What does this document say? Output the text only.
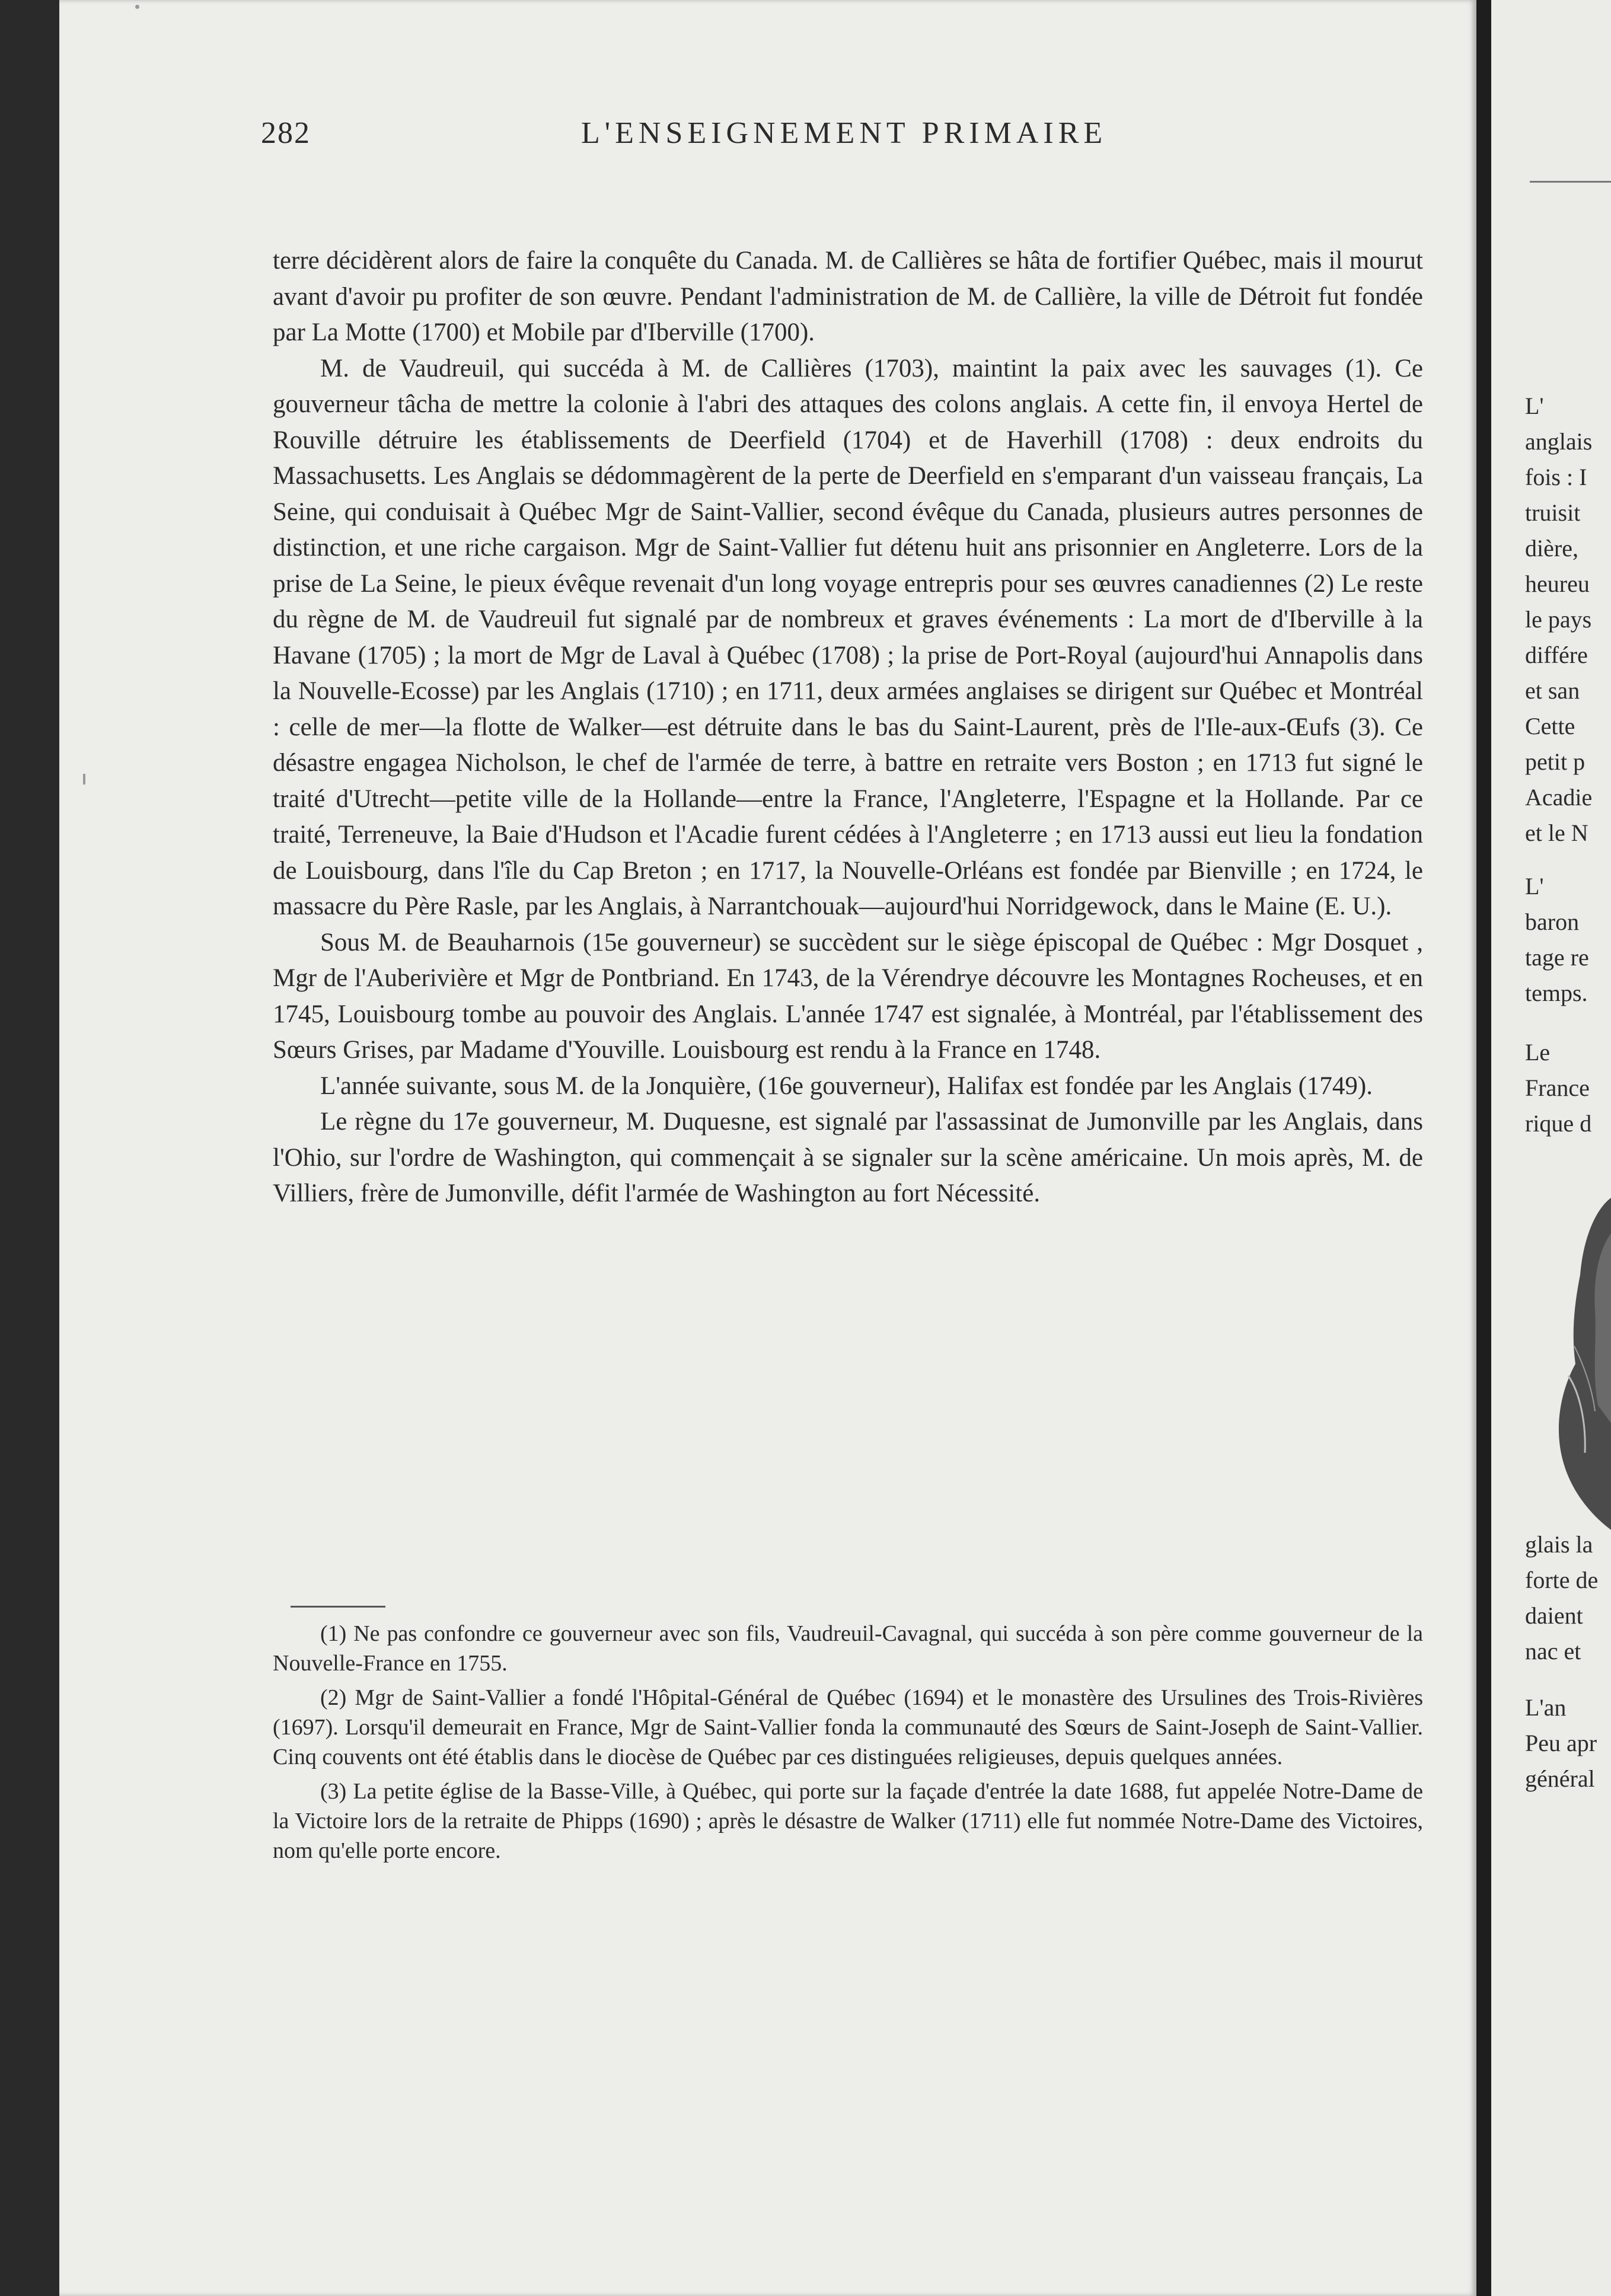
282	L'ENSEIGNEMENT PRIMAIRE

terre décidèrent alors de faire la conquête du Canada. M. de Callières se hâta de fortifier Québec, mais il mourut avant d'avoir pu profiter de son œuvre. Pendant l'administration de M. de Callière, la ville de Détroit fut fondée par La Motte (1700) et Mobile par d'Iberville (1700).

M. de Vaudreuil, qui succéda à M. de Callières (1703), maintint la paix avec les sauvages (1). Ce gouverneur tâcha de mettre la colonie à l'abri des attaques des colons anglais. A cette fin, il envoya Hertel de Rouville détruire les établissements de Deerfield (1704) et de Haverhill (1708) : deux endroits du Massachusetts. Les Anglais se dédommagèrent de la perte de Deerfield en s'emparant d'un vaisseau français, La Seine, qui conduisait à Québec Mgr de Saint-Vallier, second évêque du Canada, plusieurs autres personnes de distinction, et une riche cargaison. Mgr de Saint-Vallier fut détenu huit ans prisonnier en Angleterre. Lors de la prise de La Seine, le pieux évêque revenait d'un long voyage entrepris pour ses œuvres canadiennes (2) Le reste du règne de M. de Vaudreuil fut signalé par de nombreux et graves événements : La mort de d'Iberville à la Havane (1705) ; la mort de Mgr de Laval à Québec (1708) ; la prise de Port-Royal (aujourd'hui Annapolis dans la Nouvelle-Ecosse) par les Anglais (1710) ; en 1711, deux armées anglaises se dirigent sur Québec et Montréal : celle de mer—la flotte de Walker—est détruite dans le bas du Saint-Laurent, près de l'Ile-aux-Œufs (3). Ce désastre engagea Nicholson, le chef de l'armée de terre, à battre en retraite vers Boston ; en 1713 fut signé le traité d'Utrecht—petite ville de la Hollande—entre la France, l'Angleterre, l'Espagne et la Hollande. Par ce traité, Terreneuve, la Baie d'Hudson et l'Acadie furent cédées à l'Angleterre ; en 1713 aussi eut lieu la fondation de Louisbourg, dans l'île du Cap Breton ; en 1717, la Nouvelle-Orléans est fondée par Bienville ; en 1724, le massacre du Père Rasle, par les Anglais, à Narrantchouak—aujourd'hui Norridgewock, dans le Maine (E. U.).

Sous M. de Beauharnois (15e gouverneur) se succèdent sur le siège épiscopal de Québec : Mgr Dosquet , Mgr de l'Auberivière et Mgr de Pontbriand. En 1743, de la Vérendrye découvre les Montagnes Rocheuses, et en 1745, Louisbourg tombe au pouvoir des Anglais. L'année 1747 est signalée, à Montréal, par l'établissement des Sœurs Grises, par Madame d'Youville. Louisbourg est rendu à la France en 1748.

L'année suivante, sous M. de la Jonquière, (16e gouverneur), Halifax est fondée par les Anglais (1749).

Le règne du 17e gouverneur, M. Duquesne, est signalé par l'assassinat de Jumonville par les Anglais, dans l'Ohio, sur l'ordre de Washington, qui commençait à se signaler sur la scène américaine. Un mois après, M. de Villiers, frère de Jumonville, défit l'armée de Washington au fort Nécessité.

(1) Ne pas confondre ce gouverneur avec son fils, Vaudreuil-Cavagnal, qui succéda à son père comme gouverneur de la Nouvelle-France en 1755.

(2) Mgr de Saint-Vallier a fondé l'Hôpital-Général de Québec (1694) et le monastère des Ursulines des Trois-Rivières (1697). Lorsqu'il demeurait en France, Mgr de Saint-Vallier fonda la communauté des Sœurs de Saint-Joseph de Saint-Vallier. Cinq couvents ont été établis dans le diocèse de Québec par ces distinguées religieuses, depuis quelques années.

(3) La petite église de la Basse-Ville, à Québec, qui porte sur la façade d'entrée la date 1688, fut appelée Notre-Dame de la Victoire lors de la retraite de Phipps (1690) ; après le désastre de Walker (1711) elle fut nommée Notre-Dame des Victoires, nom qu'elle porte encore.

L'
anglais
fois : I
truisit
dière,
heureu
le pays
différe
et san
Cette
petit p
Acadie
et le N
L'
baron
tage re
temps.
Le
France
rique d
glais la
forte de
daient
nac et
L'an
Peu apr
général
